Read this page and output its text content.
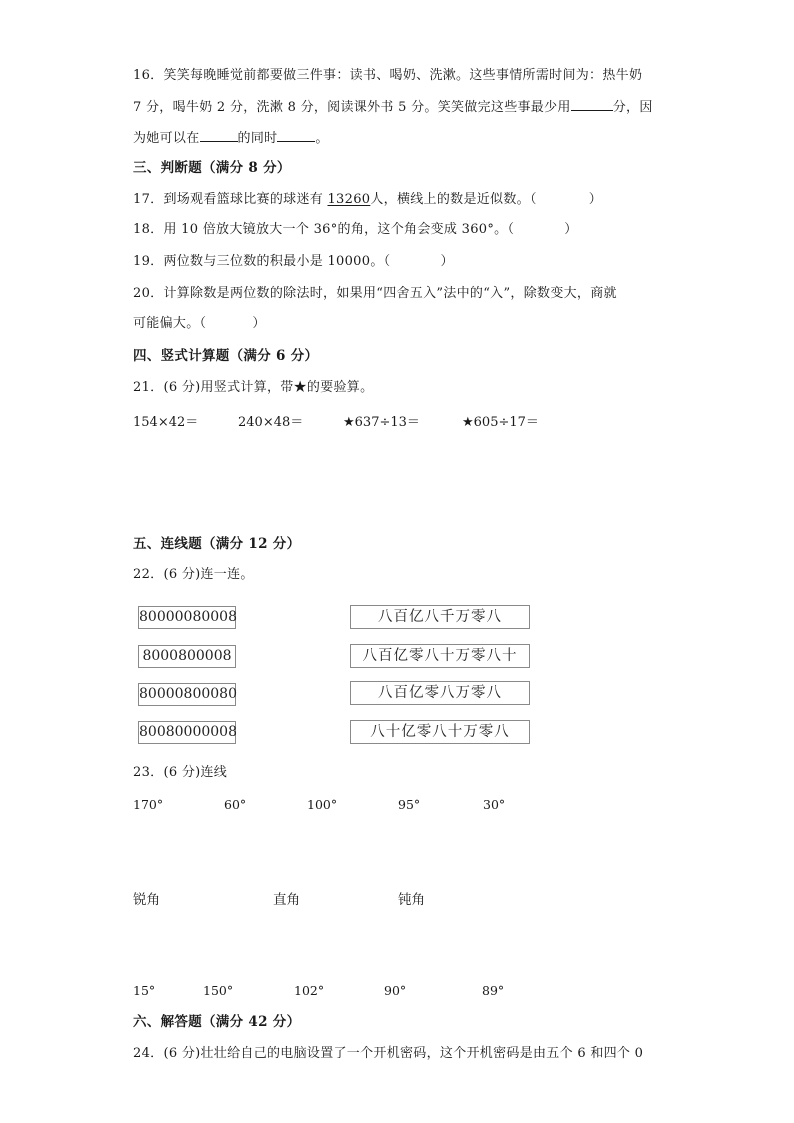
16．笑笑每晚睡觉前都要做三件事：读书、喝奶、洗漱。这些事情所需时间为：热牛奶
7 分，喝牛奶 2 分，洗漱 8 分，阅读课外书 5 分。笑笑做完这些事最少用	分，因
为她可以在	的同时	。
三、判断题（满分 8 分）
17．到场观看篮球比赛的球迷有 13260人，横线上的数是近似数。（	）
18．用 10 倍放大镜放大一个 36°的角，这个角会变成 360°。（	）
19．两位数与三位数的积最小是 10000。（	）
20．计算除数是两位数的除法时，如果用“四舍五入”法中的“入”，除数变大，商就
可能偏大。（	）
四、竖式计算题（满分 6 分）
21．(6 分)用竖式计算，带★的要验算。
154×42＝	240×48＝	★637÷13＝	★605÷17＝
五、连线题（满分 12 分）
22．(6 分)连一连。
80000080008
8000800008
80000800080
80080000008
八百亿八千万零八
八百亿零八十万零八十
八百亿零八万零八
八十亿零八十万零八
23．(6 分)连线
170°	60°	100°	95°	30°
锐角	直角	钝角
15°	150°	102°	90°	89°
六、解答题（满分 42 分）
24．(6 分)壮壮给自己的电脑设置了一个开机密码，这个开机密码是由五个 6 和四个 0
